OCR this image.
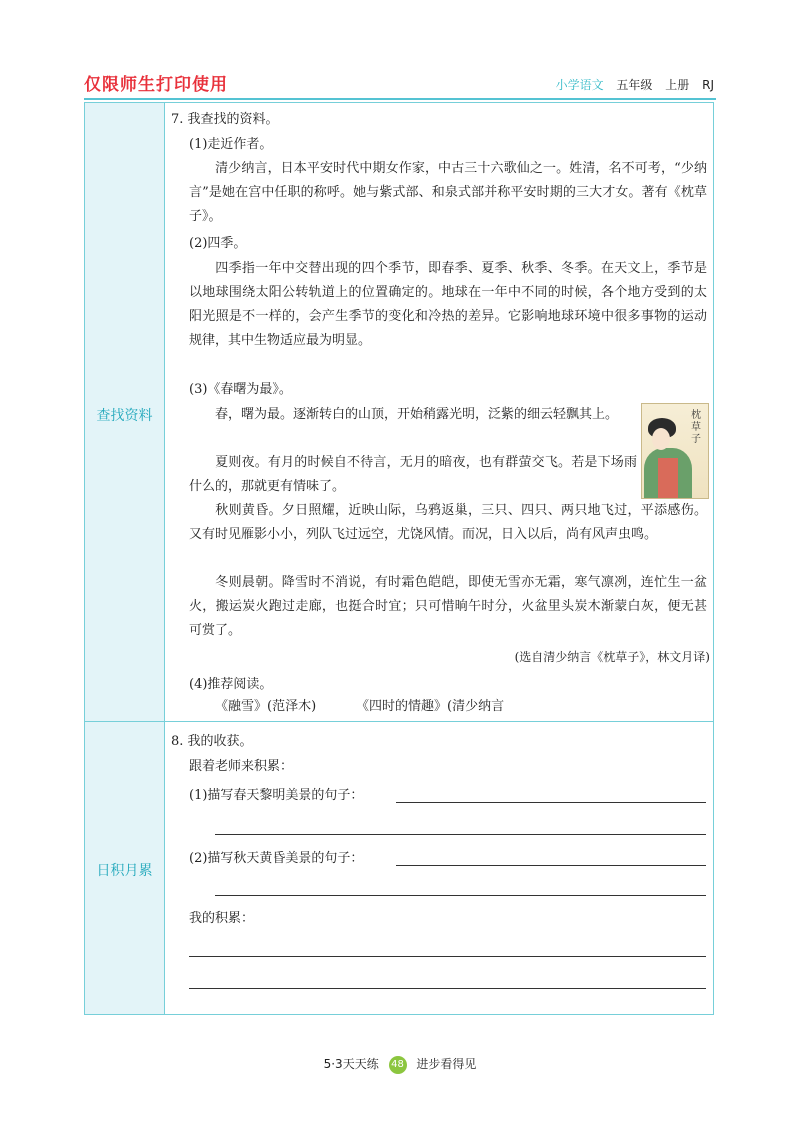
仅限师生打印使用	小学语文 五年级 上册 RJ
查找资料
7. 我查找的资料。
(1)走近作者。
清少纳言，日本平安时代中期女作家，中古三十六歌仙之一。姓清，名不可考，“少纳言”是她在宫中任职的称呼。她与紫式部、和泉式部并称平安时期的三大才女。著有《枕草子》。
(2)四季。
四季指一年中交替出现的四个季节，即春季、夏季、秋季、冬季。在天文上，季节是以地球围绕太阳公转轨道上的位置确定的。地球在一年中不同的时候，各个地方受到的太阳光照是不一样的，会产生季节的变化和冷热的差异。它影响地球环境中很多事物的运动规律，其中生物适应最为明显。
(3)《春曙为最》。
春，曙为最。逐渐转白的山顶，开始稍露光明，泛紫的细云轻飘其上。
夏则夜。有月的时候自不待言，无月的暗夜，也有群萤交飞。若是下场雨什么的，那就更有情味了。
秋则黄昏。夕日照耀，近映山际，乌鸦返巢，三只、四只、两只地飞过，平添感伤。又有时见雁影小小，列队飞过远空，尤饶风情。而况，日入以后，尚有风声虫鸣。
冬则晨朝。降雪时不消说，有时霜色皑皑，即使无雪亦无霜，寒气凛冽，连忙生一盆火，搬运炭火跑过走廊，也挺合时宜；只可惜晌午时分，火盆里头炭木渐蒙白灰，便无甚可赏了。
(选自清少纳言《枕草子》，林文月译)
枕草子
(4)推荐阅读。
《融雪》(范泽木)	《四时的情趣》(清少纳言
日积月累
8. 我的收获。
跟着老师来积累：
(1)描写春天黎明美景的句子：
(2)描写秋天黄昏美景的句子：
我的积累：
5·3天天练 48 进步看得见
